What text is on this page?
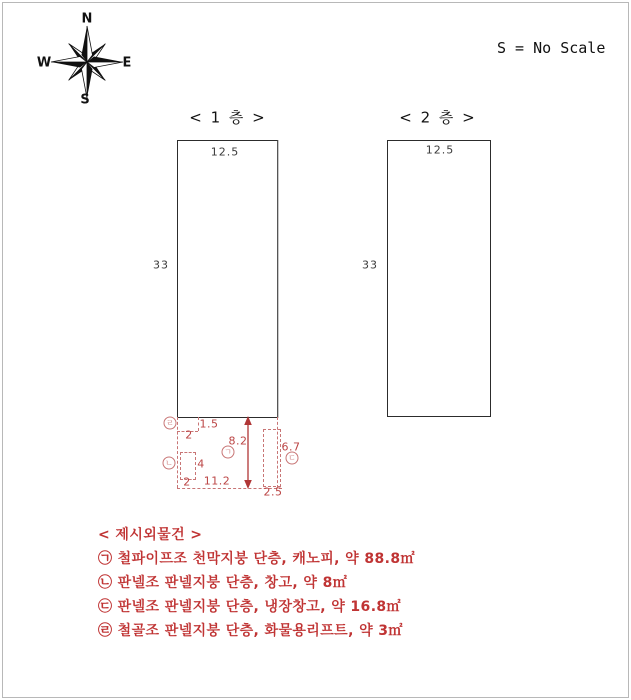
N
W	E
S
S = No Scale
< 1 층 >	< 2 층 >
12.5
33
12.5
33
1.5
2
4
2
8.2
11.2
6.7
2.5
ㄱ
ㄴ
ㄷ
ㄹ
< 제시외물건 >
㉠ 철파이프조 천막지붕 단층, 캐노피, 약 88.8㎡
㉡ 판넬조 판넬지붕 단층, 창고, 약 8㎡
㉢ 판넬조 판넬지붕 단층, 냉장창고, 약 16.8㎡
㉣ 철골조 판넬지붕 단층, 화물용리프트, 약 3㎡
